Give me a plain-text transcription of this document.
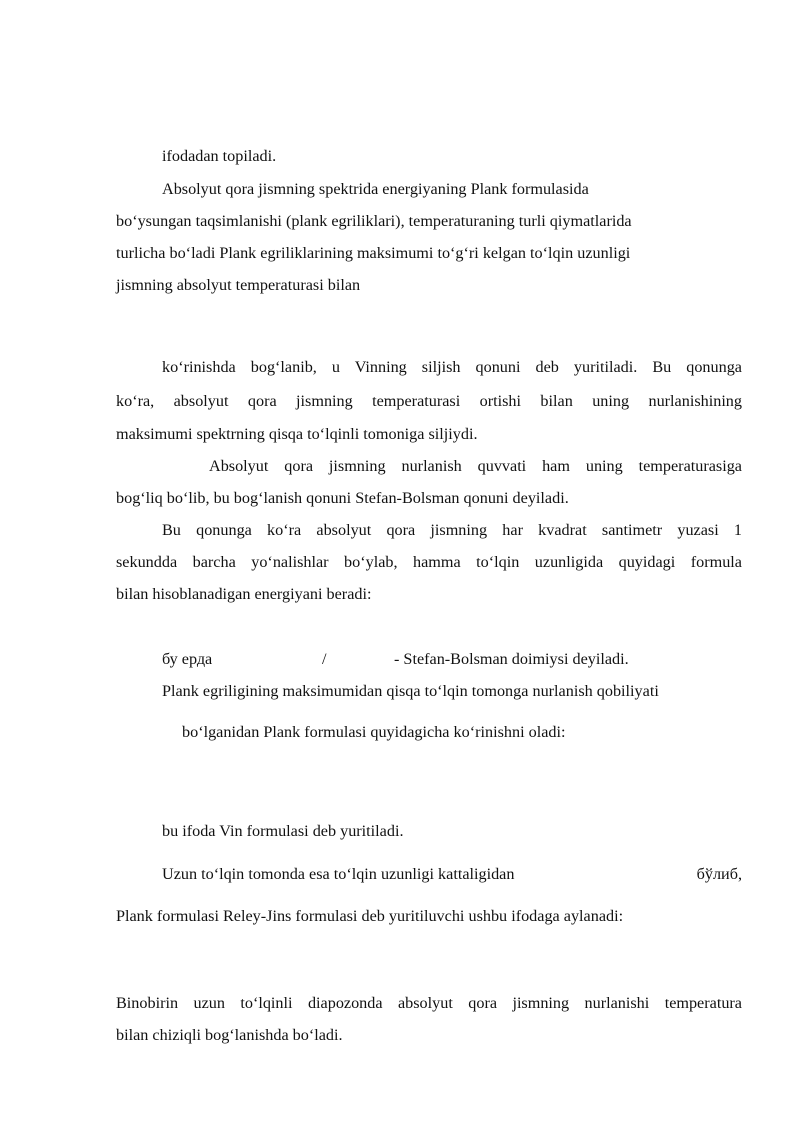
ifodadan topiladi.
Absolyut qora jismning spektrida energiyaning Plank formulasida
boʻysungan taqsimlanishi (plank egriliklari), temperaturaning turli qiymatlarida
turlicha boʻladi Plank egriliklarining maksimumi toʻgʻri kelgan toʻlqin uzunligi
jismning absolyut temperaturasi bilan
koʻrinishda bogʻlanib, u Vinning siljish qonuni deb yuritiladi. Bu qonunga
koʻra, absolyut qora jismning temperaturasi ortishi bilan uning nurlanishining
maksimumi spektrning qisqa toʻlqinli tomoniga siljiydi.
Absolyut qora jismning nurlanish quvvati ham uning temperaturasiga
bogʻliq boʻlib, bu bogʻlanish qonuni Stefan-Bolsman qonuni deyiladi.
Bu qonunga koʻra absolyut qora jismning har kvadrat santimetr yuzasi 1
sekundda barcha yoʻnalishlar boʻylab, hamma toʻlqin uzunligida quyidagi formula
bilan hisoblanadigan energiyani beradi:
бу ерда	/	- Stefan-Bolsman doimiysi deyiladi.
Plank egriligining maksimumidan qisqa toʻlqin tomonga nurlanish qobiliyati
boʻlganidan Plank formulasi quyidagicha koʻrinishni oladi:
bu ifoda Vin formulasi deb yuritiladi.
Uzun toʻlqin tomonda esa toʻlqin uzunligi kattaligidan	бўлиб,
Plank formulasi Reley-Jins formulasi deb yuritiluvchi ushbu ifodaga aylanadi:
Binobirin uzun toʻlqinli diapozonda absolyut qora jismning nurlanishi temperatura
bilan chiziqli bogʻlanishda boʻladi.
